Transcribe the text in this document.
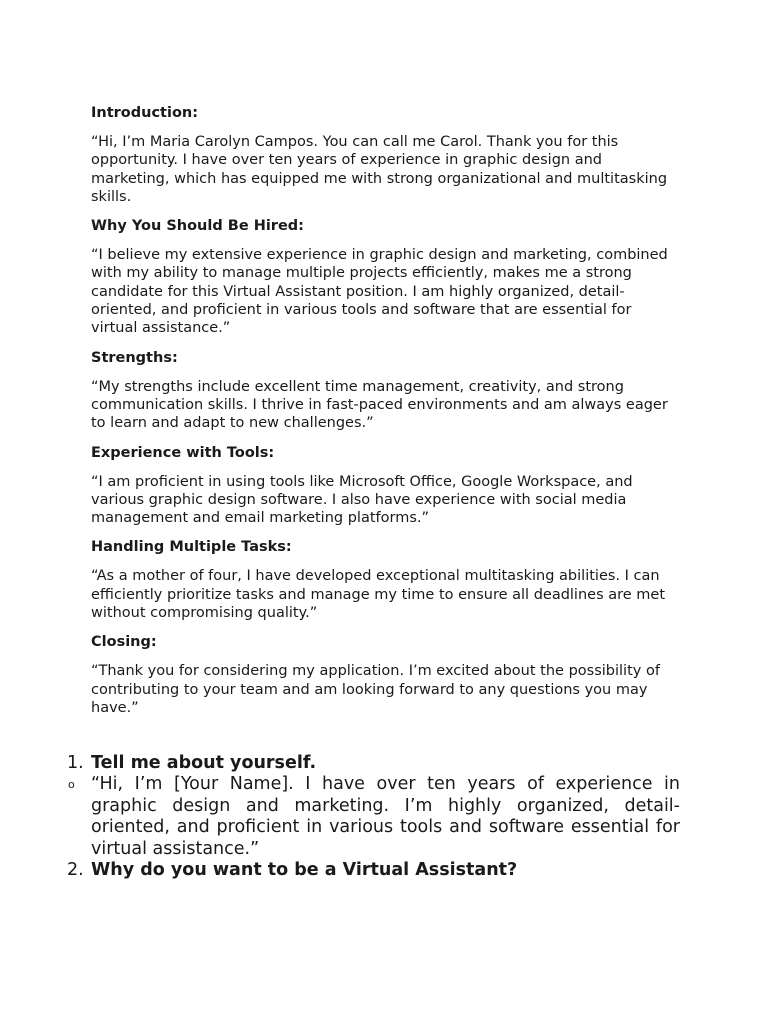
Introduction:
“Hi, I’m Maria Carolyn Campos. You can call me Carol. Thank you for this opportunity. I have over ten years of experience in graphic design and marketing, which has equipped me with strong organizational and multitasking skills.
Why You Should Be Hired:
“I believe my extensive experience in graphic design and marketing, combined with my ability to manage multiple projects efficiently, makes me a strong candidate for this Virtual Assistant position. I am highly organized, detail-oriented, and proficient in various tools and software that are essential for virtual assistance.”
Strengths:
“My strengths include excellent time management, creativity, and strong communication skills. I thrive in fast-paced environments and am always eager to learn and adapt to new challenges.”
Experience with Tools:
“I am proficient in using tools like Microsoft Office, Google Workspace, and various graphic design software. I also have experience with social media management and email marketing platforms.”
Handling Multiple Tasks:
“As a mother of four, I have developed exceptional multitasking abilities. I can efficiently prioritize tasks and manage my time to ensure all deadlines are met without compromising quality.”
Closing:
“Thank you for considering my application. I’m excited about the possibility of contributing to your team and am looking forward to any questions you may have.”
1. Tell me about yourself.
o “Hi, I’m [Your Name]. I have over ten years of experience in graphic design and marketing. I’m highly organized, detail-oriented, and proficient in various tools and software essential for virtual assistance.”
2. Why do you want to be a Virtual Assistant?
